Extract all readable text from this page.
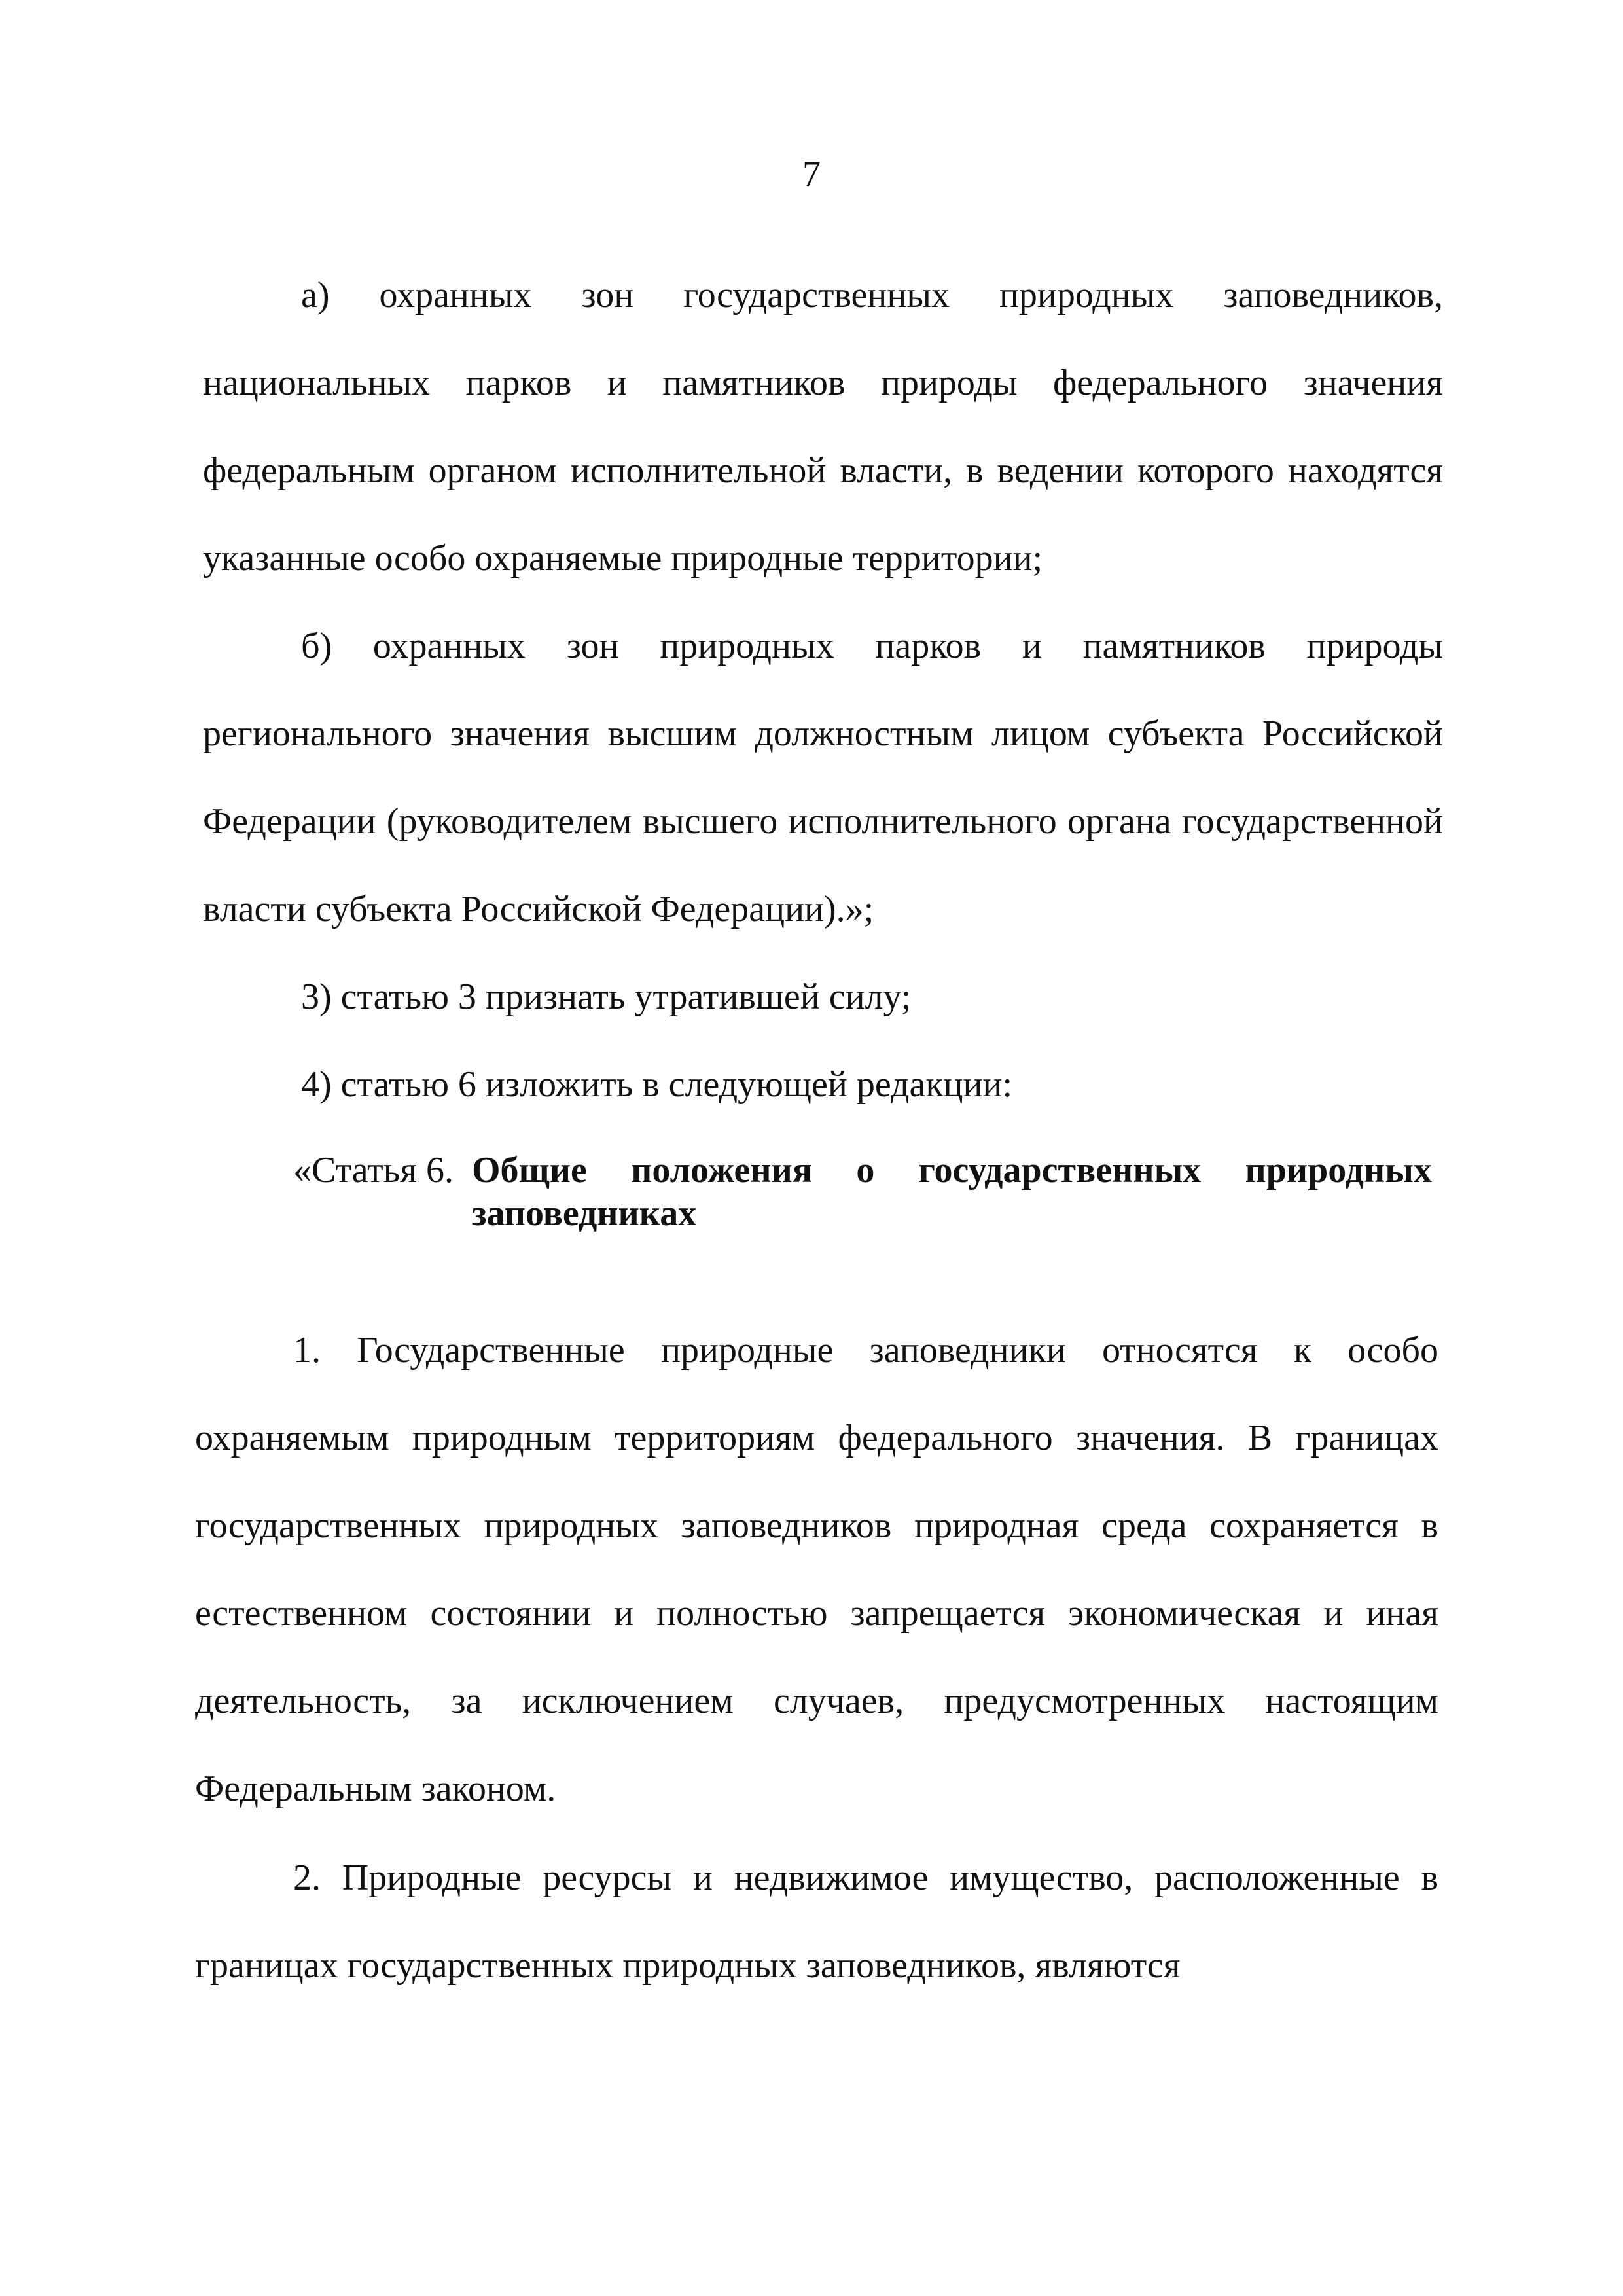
7

а) охранных зон государственных природных заповедников, национальных парков и памятников природы федерального значения федеральным органом исполнительной власти, в ведении которого находятся указанные особо охраняемые природные территории;

б) охранных зон природных парков и памятников природы регионального значения высшим должностным лицом субъекта Российской Федерации (руководителем высшего исполнительного органа государственной власти субъекта Российской Федерации).»;

3) статью 3 признать утратившей силу;

4) статью 6 изложить в следующей редакции:

«Статья 6. Общие положения о государственных природных заповедниках

1. Государственные природные заповедники относятся к особо охраняемым природным территориям федерального значения. В границах государственных природных заповедников природная среда сохраняется в естественном состоянии и полностью запрещается экономическая и иная деятельность, за исключением случаев, предусмотренных настоящим Федеральным законом.

2. Природные ресурсы и недвижимое имущество, расположенные в границах государственных природных заповедников, являются
